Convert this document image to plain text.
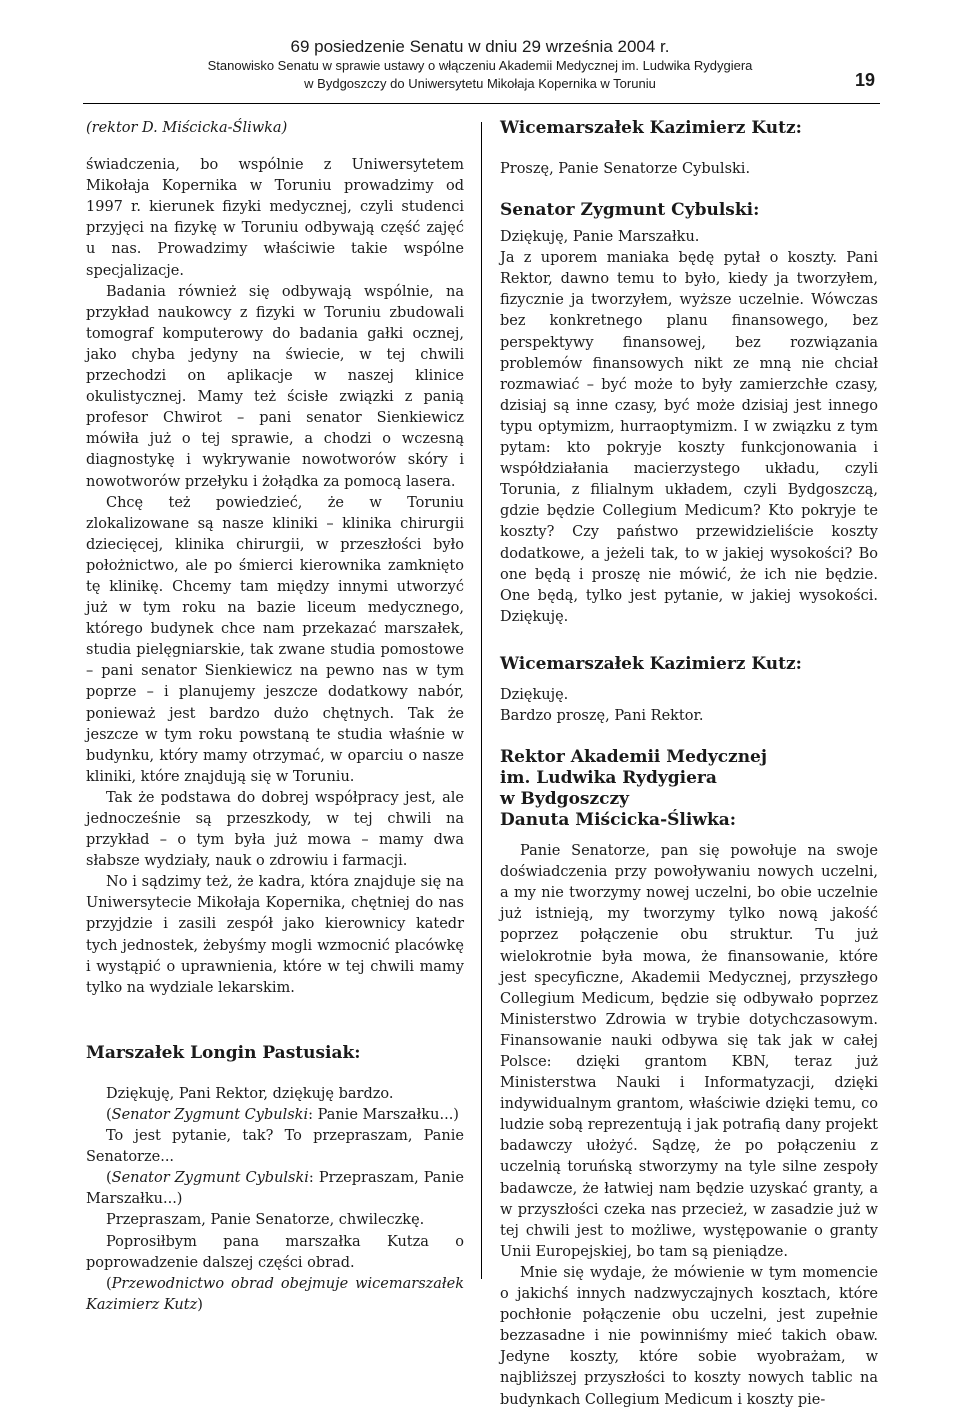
69 posiedzenie Senatu w dniu 29 września 2004 r.
Stanowisko Senatu w sprawie ustawy o włączeniu Akademii Medycznej im. Ludwika Rydygiera
w Bydgoszczy do Uniwersytetu Mikołaja Kopernika w Toruniu	19

(rektor D. Miścicka-Śliwka)

świadczenia, bo wspólnie z Uniwersytetem Mikołaja Kopernika w Toruniu prowadzimy od 1997 r. kierunek fizyki medycznej, czyli studenci przyjęci na fizykę w Toruniu odbywają część zajęć u nas. Prowadzimy właściwie takie wspólne specjalizacje.

Badania również się odbywają wspólnie, na przykład naukowcy z fizyki w Toruniu zbudowali tomograf komputerowy do badania gałki ocznej, jako chyba jedyny na świecie, w tej chwili przechodzi on aplikacje w naszej klinice okulistycznej. Mamy też ścisłe związki z panią profesor Chwirot – pani senator Sienkiewicz mówiła już o tej sprawie, a chodzi o wczesną diagnostykę i wykrywanie nowotworów skóry i nowotworów przełyku i żołądka za pomocą lasera.

Chcę też powiedzieć, że w Toruniu zlokalizowane są nasze kliniki – klinika chirurgii dziecięcej, klinika chirurgii, w przeszłości było położnictwo, ale po śmierci kierownika zamknięto tę klinikę. Chcemy tam między innymi utworzyć już w tym roku na bazie liceum medycznego, którego budynek chce nam przekazać marszałek, studia pielęgniarskie, tak zwane studia pomostowe – pani senator Sienkiewicz na pewno nas w tym poprze – i planujemy jeszcze dodatkowy nabór, ponieważ jest bardzo dużo chętnych. Tak że jeszcze w tym roku powstaną te studia właśnie w budynku, który mamy otrzymać, w oparciu o nasze kliniki, które znajdują się w Toruniu.

Tak że podstawa do dobrej współpracy jest, ale jednocześnie są przeszkody, w tej chwili na przykład – o tym była już mowa – mamy dwa słabsze wydziały, nauk o zdrowiu i farmacji.

No i sądzimy też, że kadra, która znajduje się na Uniwersytecie Mikołaja Kopernika, chętniej do nas przyjdzie i zasili zespół jako kierownicy katedr tych jednostek, żebyśmy mogli wzmocnić placówkę i wystąpić o uprawnienia, które w tej chwili mamy tylko na wydziale lekarskim.

Marszałek Longin Pastusiak:

Dziękuję, Pani Rektor, dziękuję bardzo.

(Senator Zygmunt Cybulski: Panie Marszałku...)

To jest pytanie, tak? To przepraszam, Panie Senatorze...

(Senator Zygmunt Cybulski: Przepraszam, Panie Marszałku...)

Przepraszam, Panie Senatorze, chwileczkę.

Poprosiłbym pana marszałka Kutza o poprowadzenie dalszej części obrad.

(Przewodnictwo obrad obejmuje wicemarszałek Kazimierz Kutz)

Wicemarszałek Kazimierz Kutz:

Proszę, Panie Senatorze Cybulski.

Senator Zygmunt Cybulski:

Dziękuję, Panie Marszałku.

Ja z uporem maniaka będę pytał o koszty. Pani Rektor, dawno temu to było, kiedy ja tworzyłem, fizycznie ja tworzyłem, wyższe uczelnie. Wówczas bez konkretnego planu finansowego, bez perspektywy finansowej, bez rozwiązania problemów finansowych nikt ze mną nie chciał rozmawiać – być może to były zamierzchłe czasy, dzisiaj są inne czasy, być może dzisiaj jest innego typu optymizm, hurraoptymizm. I w związku z tym pytam: kto pokryje koszty funkcjonowania i współdziałania macierzystego układu, czyli Torunia, z filialnym układem, czyli Bydgoszczą, gdzie będzie Collegium Medicum? Kto pokryje te koszty? Czy państwo przewidzieliście koszty dodatkowe, a jeżeli tak, to w jakiej wysokości? Bo one będą i proszę nie mówić, że ich nie będzie. One będą, tylko jest pytanie, w jakiej wysokości. Dziękuję.

Wicemarszałek Kazimierz Kutz:

Dziękuję.

Bardzo proszę, Pani Rektor.

Rektor Akademii Medycznej

im. Ludwika Rydygiera

w Bydgoszczy

Danuta Miścicka-Śliwka:

Panie Senatorze, pan się powołuje na swoje doświadczenia przy powoływaniu nowych uczelni, a my nie tworzymy nowej uczelni, bo obie uczelnie już istnieją, my tworzymy tylko nową jakość poprzez połączenie obu struktur. Tu już wielokrotnie była mowa, że finansowanie, które jest specyficzne, Akademii Medycznej, przyszłego Collegium Medicum, będzie się odbywało poprzez Ministerstwo Zdrowia w trybie dotychczasowym. Finansowanie nauki odbywa się tak jak w całej Polsce: dzięki grantom KBN, teraz już Ministerstwa Nauki i Informatyzacji, dzięki indywidualnym grantom, właściwie dzięki temu, co ludzie sobą reprezentują i jak potrafią dany projekt badawczy ułożyć. Sądzę, że po połączeniu z uczelnią toruńską stworzymy na tyle silne zespoły badawcze, że łatwiej nam będzie uzyskać granty, a w przyszłości czeka nas przecież, w zasadzie już w tej chwili jest to możliwe, występowanie o granty Unii Europejskiej, bo tam są pieniądze.

Mnie się wydaje, że mówienie w tym momencie o jakichś innych nadzwyczajnych kosztach, które pochłonie połączenie obu uczelni, jest zupełnie bezzasadne i nie powinniśmy mieć takich obaw. Jedyne koszty, które sobie wyobrażam, w najbliższej przyszłości to koszty nowych tablic na budynkach Collegium Medicum i koszty pie-
